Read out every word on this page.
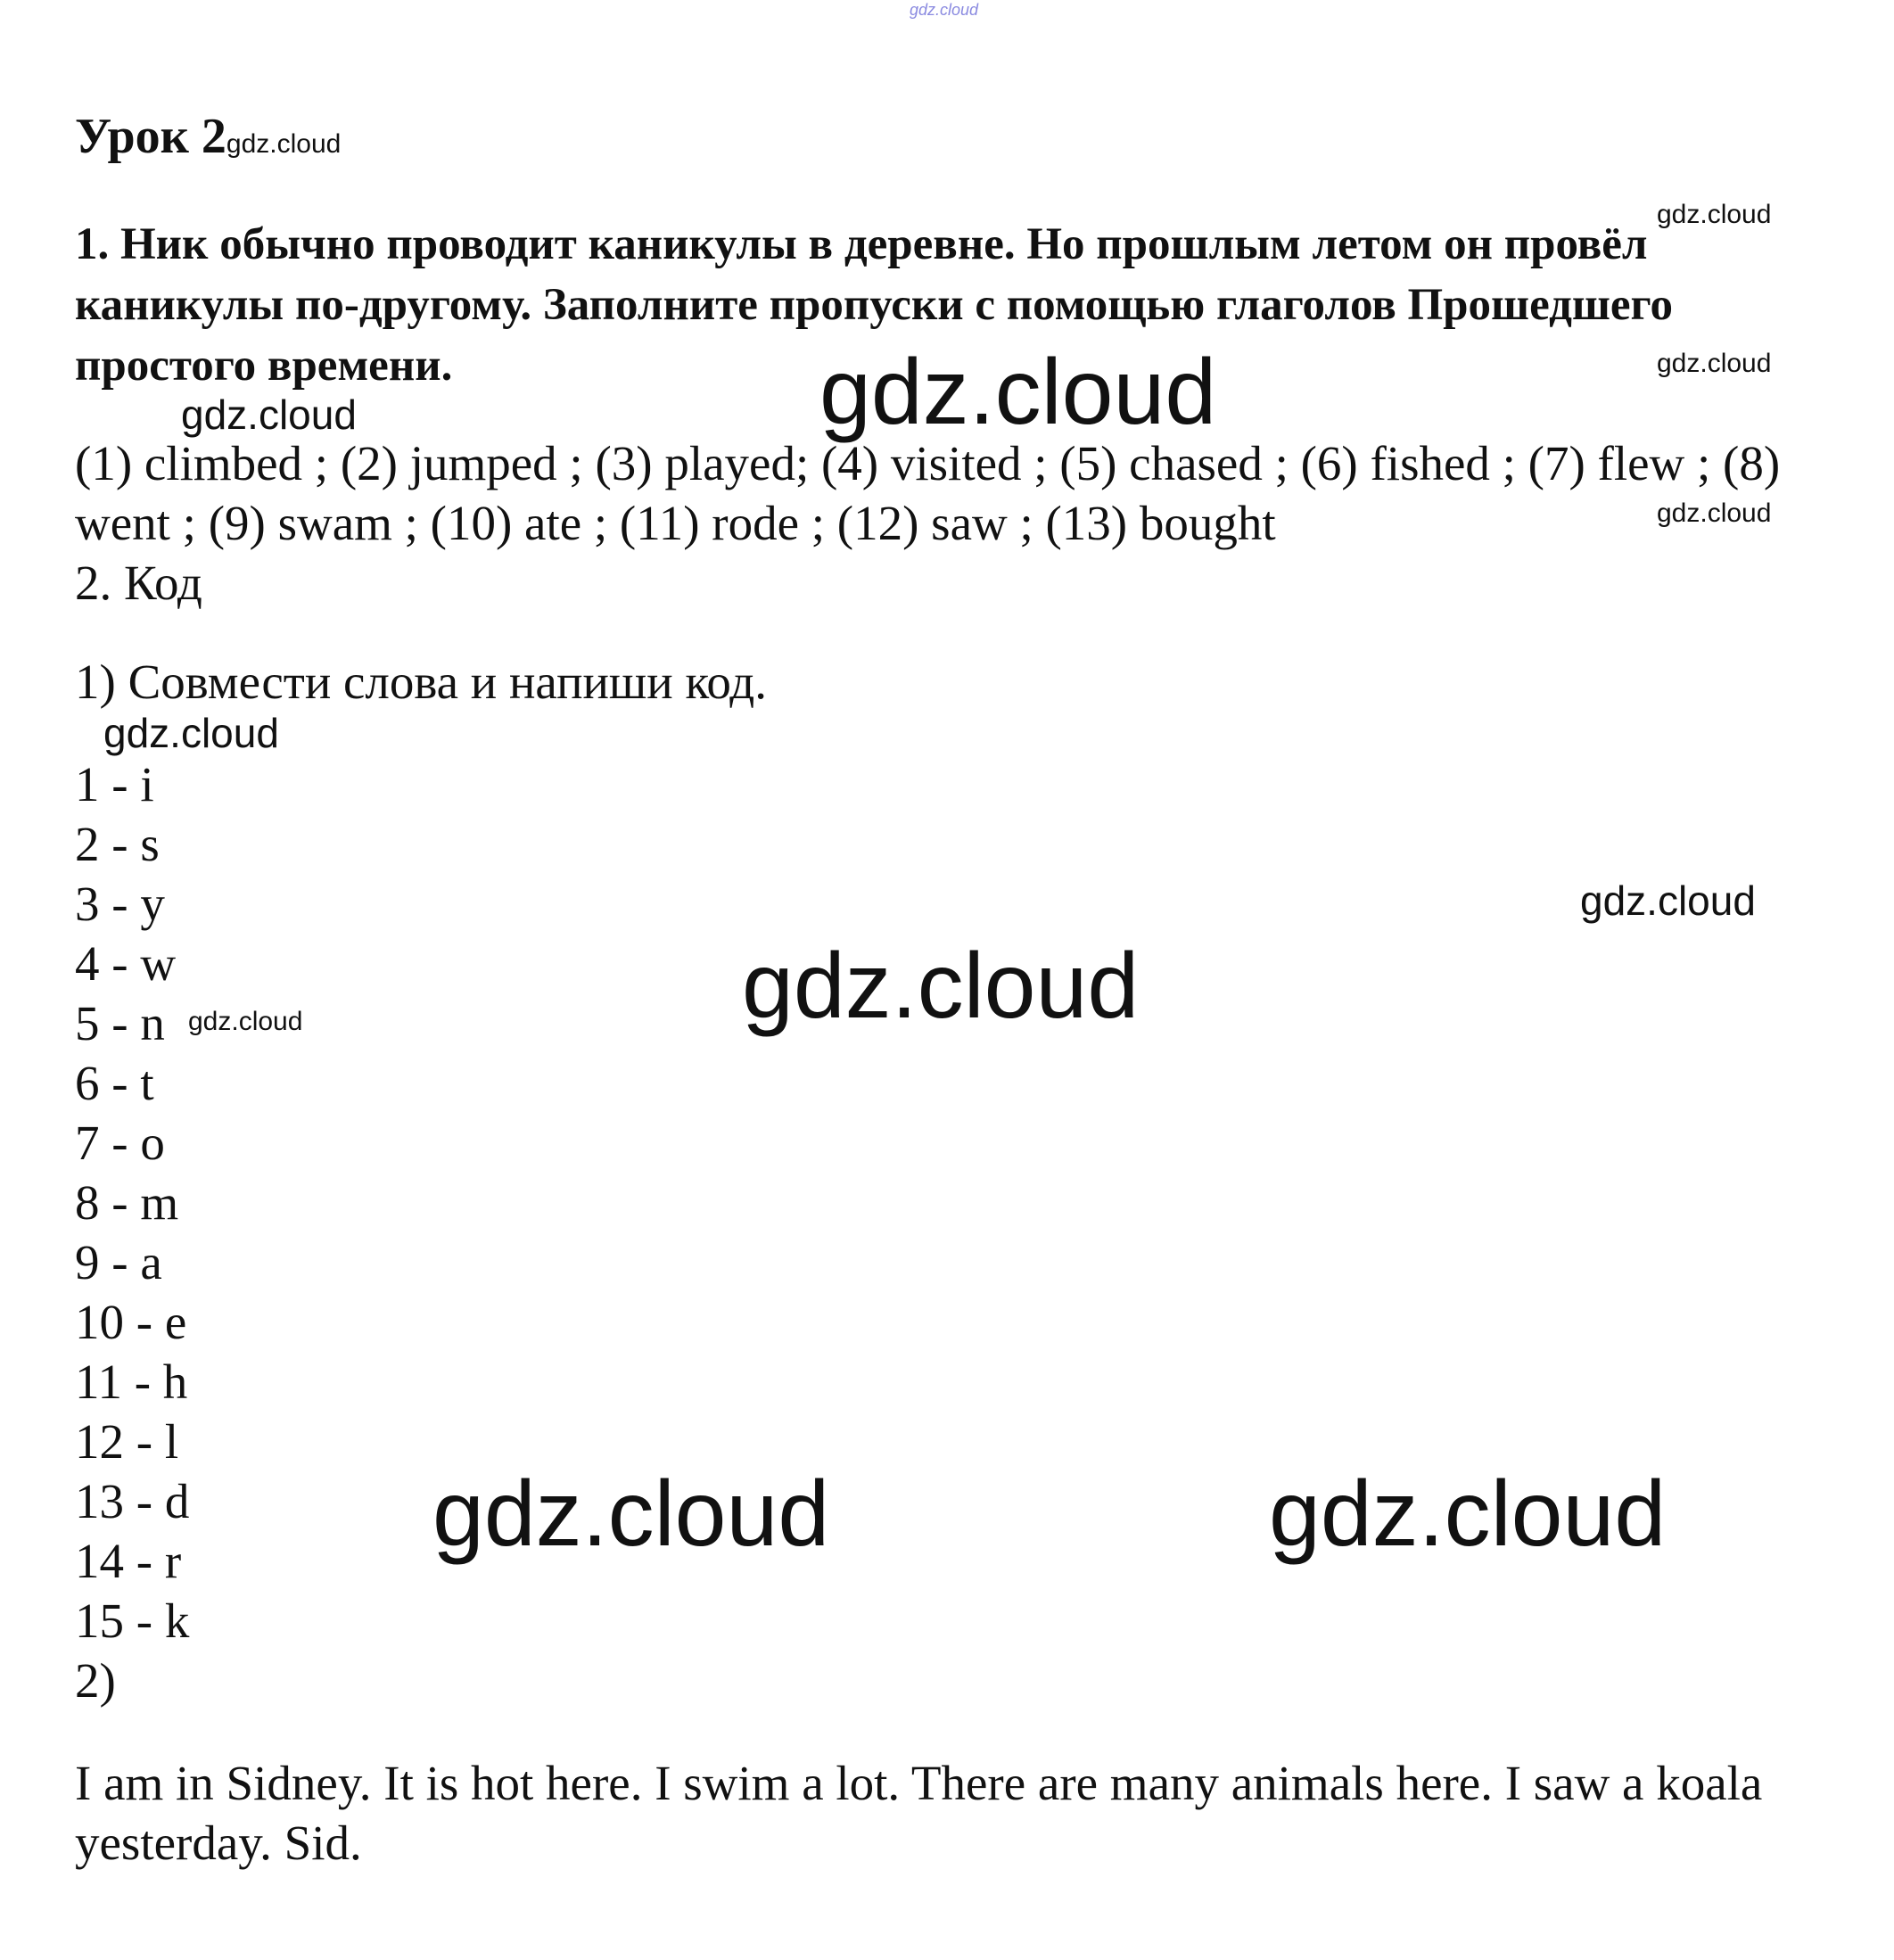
gdz.cloud
gdz.cloud
gdz.cloud
gdz.cloud
gdz.cloud
gdz.cloud
gdz.cloud
gdz.cloud
gdz.cloud
gdz.cloud
gdz.cloud	gdz.cloud
Урок 2gdz.cloud

1. Ник обычно проводит каникулы в деревне. Но прошлым летом он провёл каникулы по-другому. Заполните пропуски с помощью глаголов Прошедшего простого времени.

(1) climbed ; (2) jumped ; (3) played; (4) visited ; (5) chased ; (6) fished ; (7) flew ; (8) went ; (9) swam ; (10) ate ; (11) rode ; (12) saw ; (13) bought

2. Код

1) Совмести слова и напиши код.

1 - i
2 - s
3 - y
4 - w
5 - n
6 - t
7 - o
8 - m
9 - a
10 - e
11 - h
12 - l
13 - d
14 - r
15 - k
2)

I am in Sidney. It is hot here. I swim a lot. There are many animals here. I saw a koala yesterday. Sid.
